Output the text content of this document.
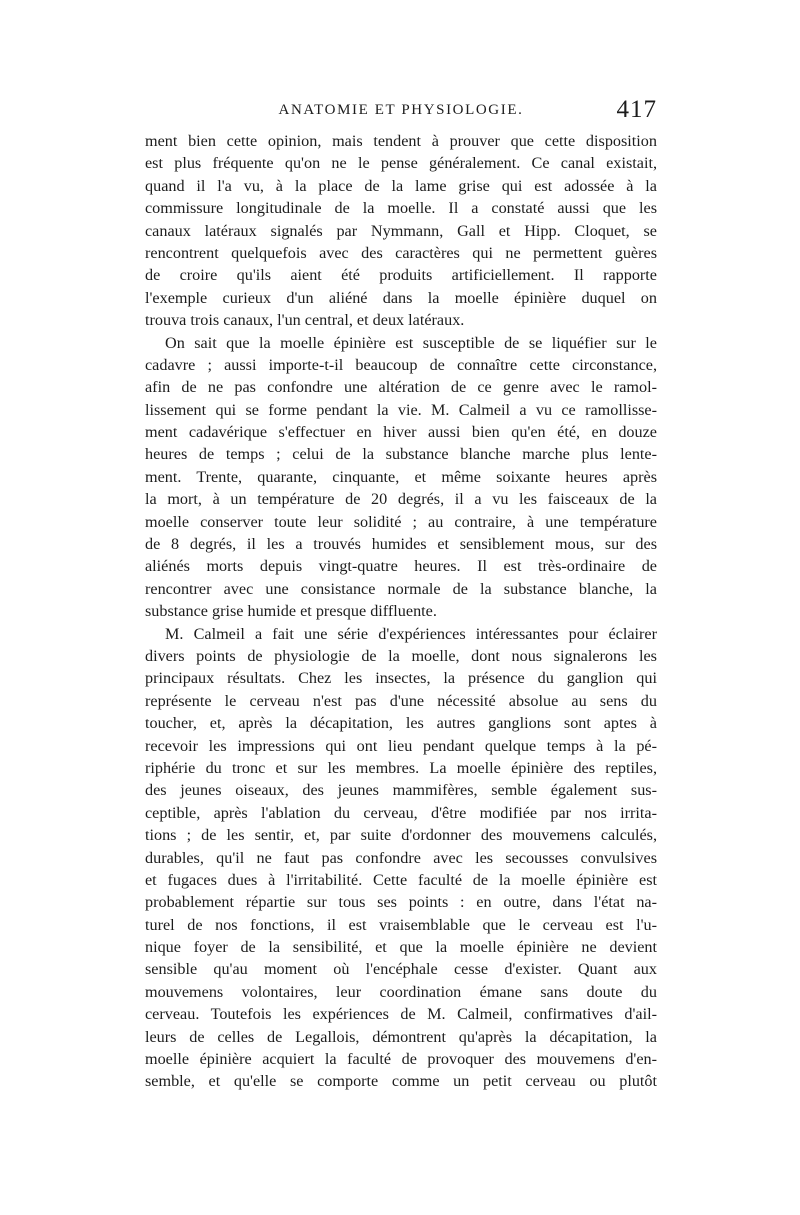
ANATOMIE ET PHYSIOLOGIE.	417
ment bien cette opinion, mais tendent à prouver que cette disposition
est plus fréquente qu'on ne le pense généralement. Ce canal existait,
quand il l'a vu, à la place de la lame grise qui est adossée à la
commissure longitudinale de la moelle. Il a constaté aussi que les
canaux latéraux signalés par Nymmann, Gall et Hipp. Cloquet, se
rencontrent quelquefois avec des caractères qui ne permettent guères
de croire qu'ils aient été produits artificiellement. Il rapporte
l'exemple curieux d'un aliéné dans la moelle épinière duquel on
trouva trois canaux, l'un central, et deux latéraux.
On sait que la moelle épinière est susceptible de se liquéfier sur le
cadavre ; aussi importe-t-il beaucoup de connaître cette circonstance,
afin de ne pas confondre une altération de ce genre avec le ramol-
lissement qui se forme pendant la vie. M. Calmeil a vu ce ramollisse-
ment cadavérique s'effectuer en hiver aussi bien qu'en été, en douze
heures de temps ; celui de la substance blanche marche plus lente-
ment. Trente, quarante, cinquante, et même soixante heures après
la mort, à un température de 20 degrés, il a vu les faisceaux de la
moelle conserver toute leur solidité ; au contraire, à une température
de 8 degrés, il les a trouvés humides et sensiblement mous, sur des
aliénés morts depuis vingt-quatre heures. Il est très-ordinaire de
rencontrer avec une consistance normale de la substance blanche, la
substance grise humide et presque diffluente.
M. Calmeil a fait une série d'expériences intéressantes pour éclairer
divers points de physiologie de la moelle, dont nous signalerons les
principaux résultats. Chez les insectes, la présence du ganglion qui
représente le cerveau n'est pas d'une nécessité absolue au sens du
toucher, et, après la décapitation, les autres ganglions sont aptes à
recevoir les impressions qui ont lieu pendant quelque temps à la pé-
riphérie du tronc et sur les membres. La moelle épinière des reptiles,
des jeunes oiseaux, des jeunes mammifères, semble également sus-
ceptible, après l'ablation du cerveau, d'être modifiée par nos irrita-
tions ; de les sentir, et, par suite d'ordonner des mouvemens calculés,
durables, qu'il ne faut pas confondre avec les secousses convulsives
et fugaces dues à l'irritabilité. Cette faculté de la moelle épinière est
probablement répartie sur tous ses points : en outre, dans l'état na-
turel de nos fonctions, il est vraisemblable que le cerveau est l'u-
nique foyer de la sensibilité, et que la moelle épinière ne devient
sensible qu'au moment où l'encéphale cesse d'exister. Quant aux
mouvemens volontaires, leur coordination émane sans doute du
cerveau. Toutefois les expériences de M. Calmeil, confirmatives d'ail-
leurs de celles de Legallois, démontrent qu'après la décapitation, la
moelle épinière acquiert la faculté de provoquer des mouvemens d'en-
semble, et qu'elle se comporte comme un petit cerveau ou plutôt
